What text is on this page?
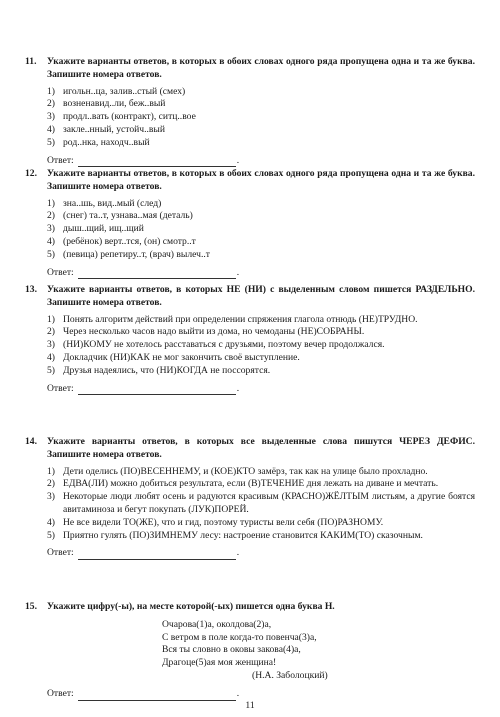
11. Укажите варианты ответов, в которых в обоих словах одного ряда пропущена одна и та же буква. Запишите номера ответов.
1) игольн..ца, залив..стый (смех)
2) возненавид..ли, беж..вый
3) продл..вать (контракт), ситц..вое
4) закле..нный, устойч..вый
5) род..нка, находч..вый
Ответ:	.
12. Укажите варианты ответов, в которых в обоих словах одного ряда пропущена одна и та же буква. Запишите номера ответов.
1) зна..шь, вид..мый (след)
2) (снег) та..т, узнава..мая (деталь)
3) дыш..щий, ищ..щий
4) (ребёнок) верт..тся, (он) смотр..т
5) (певица) репетиру..т, (врач) вылеч..т
Ответ:	.
13. Укажите варианты ответов, в которых НЕ (НИ) с выделенным словом пишется РАЗДЕЛЬНО. Запишите номера ответов.
1) Понять алгоритм действий при определении спряжения глагола отнюдь (НЕ)ТРУДНО.
2) Через несколько часов надо выйти из дома, но чемоданы (НЕ)СОБРАНЫ.
3) (НИ)КОМУ не хотелось расставаться с друзьями, поэтому вечер продолжался.
4) Докладчик (НИ)КАК не мог закончить своё выступление.
5) Друзья надеялись, что (НИ)КОГДА не поссорятся.
Ответ:	.
14. Укажите варианты ответов, в которых все выделенные слова пишутся ЧЕРЕЗ ДЕФИС. Запишите номера ответов.
1) Дети оделись (ПО)ВЕСЕННЕМУ, и (КОЕ)КТО замёрз, так как на улице было прохладно.
2) ЕДВА(ЛИ) можно добиться результата, если (В)ТЕЧЕНИЕ дня лежать на диване и мечтать.
3) Некоторые люди любят осень и радуются красивым (КРАСНО)ЖЁЛТЫМ листьям, а другие боятся авитаминоза и бегут покупать (ЛУК)ПОРЕЙ.
4) Не все видели ТО(ЖЕ), что и гид, поэтому туристы вели себя (ПО)РАЗНОМУ.
5) Приятно гулять (ПО)ЗИМНЕМУ лесу: настроение становится КАКИМ(ТО) сказочным.
Ответ:	.
15. Укажите цифру(-ы), на месте которой(-ых) пишется одна буква Н.
Очарова(1)а, околдова(2)а,
С ветром в поле когда-то повенча(3)а,
Вся ты словно в оковы закова(4)а,
Драгоце(5)ая моя женщина!
(Н.А. Заболоцкий)
Ответ:	.
11
